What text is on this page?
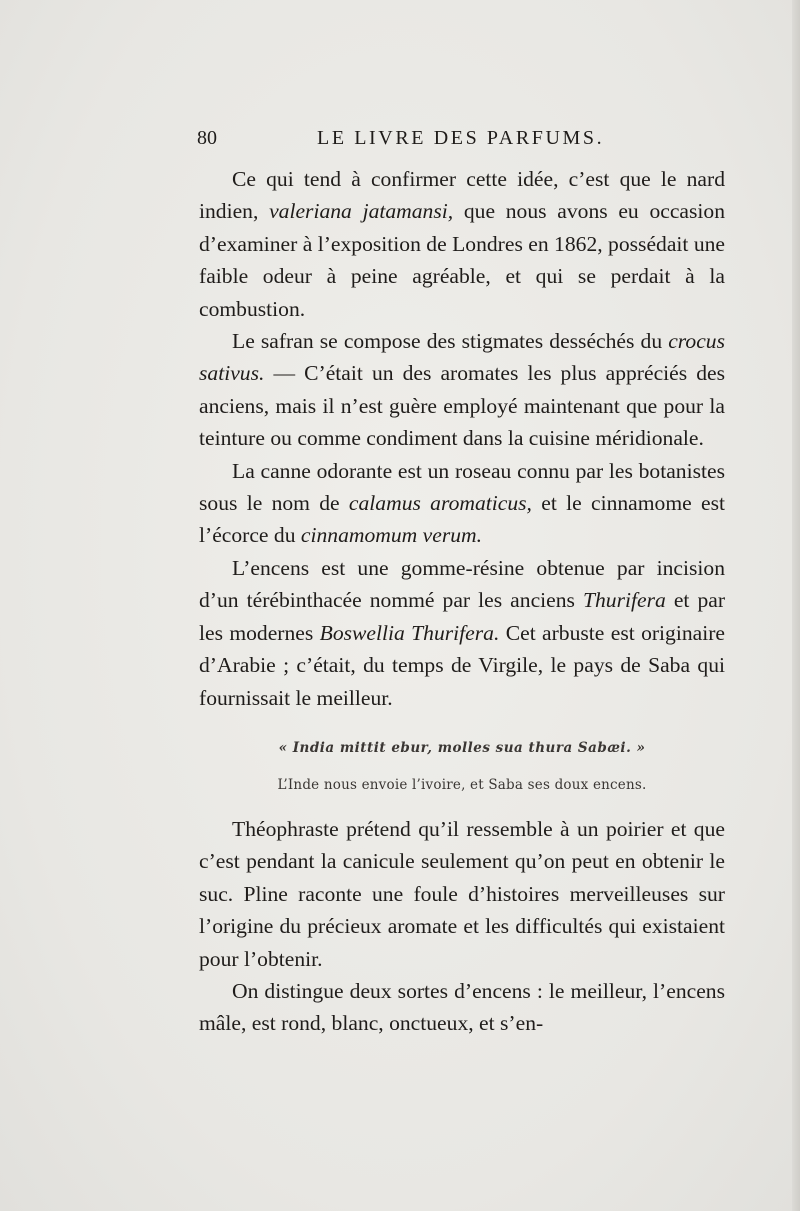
80	LE LIVRE DES PARFUMS.

Ce qui tend à confirmer cette idée, c’est que le nard indien, valeriana jatamansi, que nous avons eu occasion d’examiner à l’exposition de Londres en 1862, possédait une faible odeur à peine agréable, et qui se perdait à la combustion.

Le safran se compose des stigmates desséchés du crocus sativus. — C’était un des aromates les plus appréciés des anciens, mais il n’est guère employé maintenant que pour la teinture ou comme condiment dans la cuisine méridionale.

La canne odorante est un roseau connu par les botanistes sous le nom de calamus aromaticus, et le cinnamome est l’écorce du cinnamomum verum.

L’encens est une gomme-résine obtenue par incision d’un térébinthacée nommé par les anciens Thurifera et par les modernes Boswellia Thurifera. Cet arbuste est originaire d’Arabie ; c’était, du temps de Virgile, le pays de Saba qui fournissait le meilleur.

« India mittit ebur, molles sua thura Sabæi. »
L’Inde nous envoie l’ivoire, et Saba ses doux encens.

Théophraste prétend qu’il ressemble à un poirier et que c’est pendant la canicule seulement qu’on peut en obtenir le suc. Pline raconte une foule d’histoires merveilleuses sur l’origine du précieux aromate et les difficultés qui existaient pour l’obtenir.

On distingue deux sortes d’encens : le meilleur, l’encens mâle, est rond, blanc, onctueux, et s’en-
